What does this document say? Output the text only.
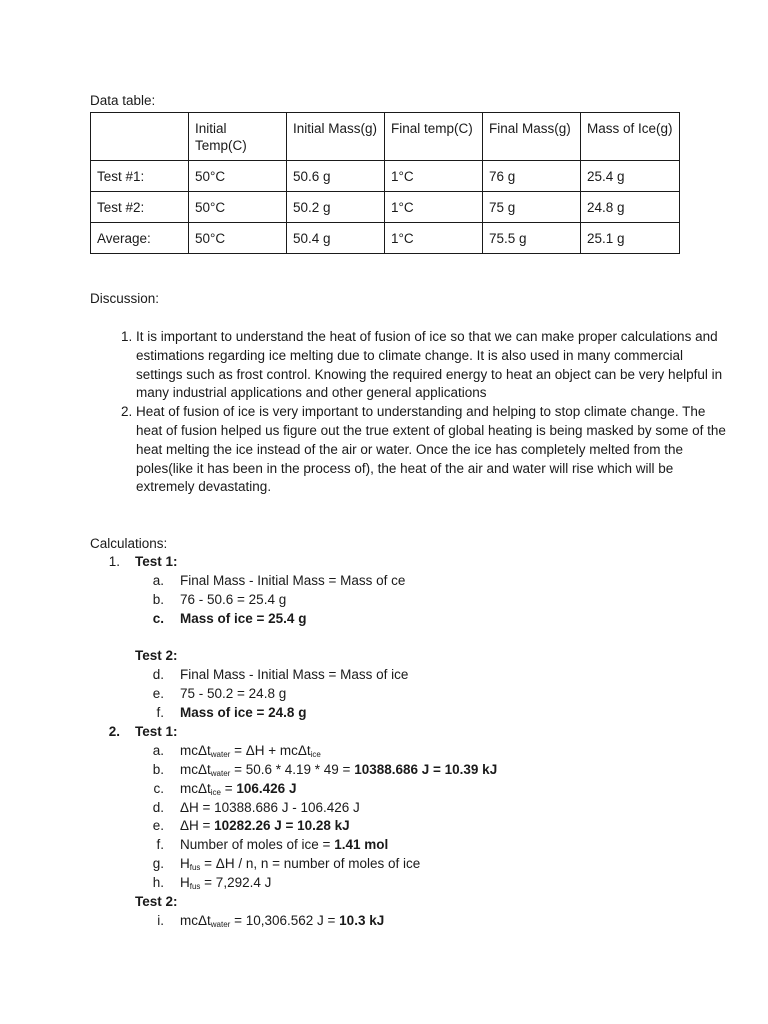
Data table:
	Initial Temp(C)	Initial Mass(g)	Final temp(C)	Final Mass(g)	Mass of Ice(g)
Test #1:	50°C	50.6 g	1°C	76 g	25.4 g
Test #2:	50°C	50.2 g	1°C	75 g	24.8 g
Average:	50°C	50.4 g	1°C	75.5 g	25.1 g
Discussion:
1. It is important to understand the heat of fusion of ice so that we can make proper calculations and estimations regarding ice melting due to climate change. It is also used in many commercial settings such as frost control. Knowing the required energy to heat an object can be very helpful in many industrial applications and other general applications
2. Heat of fusion of ice is very important to understanding and helping to stop climate change. The heat of fusion helped us figure out the true extent of global heating is being masked by some of the heat melting the ice instead of the air or water. Once the ice has completely melted from the poles(like it has been in the process of), the heat of the air and water will rise which will be extremely devastating.
Calculations:
1. Test 1:
a. Final Mass - Initial Mass = Mass of ce
b. 76 - 50.6 = 25.4 g
c. Mass of ice = 25.4 g
Test 2:
d. Final Mass - Initial Mass = Mass of ice
e. 75 - 50.2 = 24.8 g
f. Mass of ice = 24.8 g
2. Test 1:
a. mcΔt$_{water}$ = ΔH + mcΔt$_{ice}$
b. mcΔt$_{water}$ = 50.6 * 4.19 * 49 = 10388.686 J = 10.39 kJ
c. mcΔt$_{ice}$ = 106.426 J
d. ΔH = 10388.686 J - 106.426 J
e. ΔH = 10282.26 J = 10.28 kJ
f. Number of moles of ice = 1.41 mol
g. $H_{fus} = \Delta H / n$, n = number of moles of ice
h. $H_{fus} = 7,292.4$ J
Test 2:
i. mcΔt$_{water}$ = 10,306.562 J = 10.3 kJ
